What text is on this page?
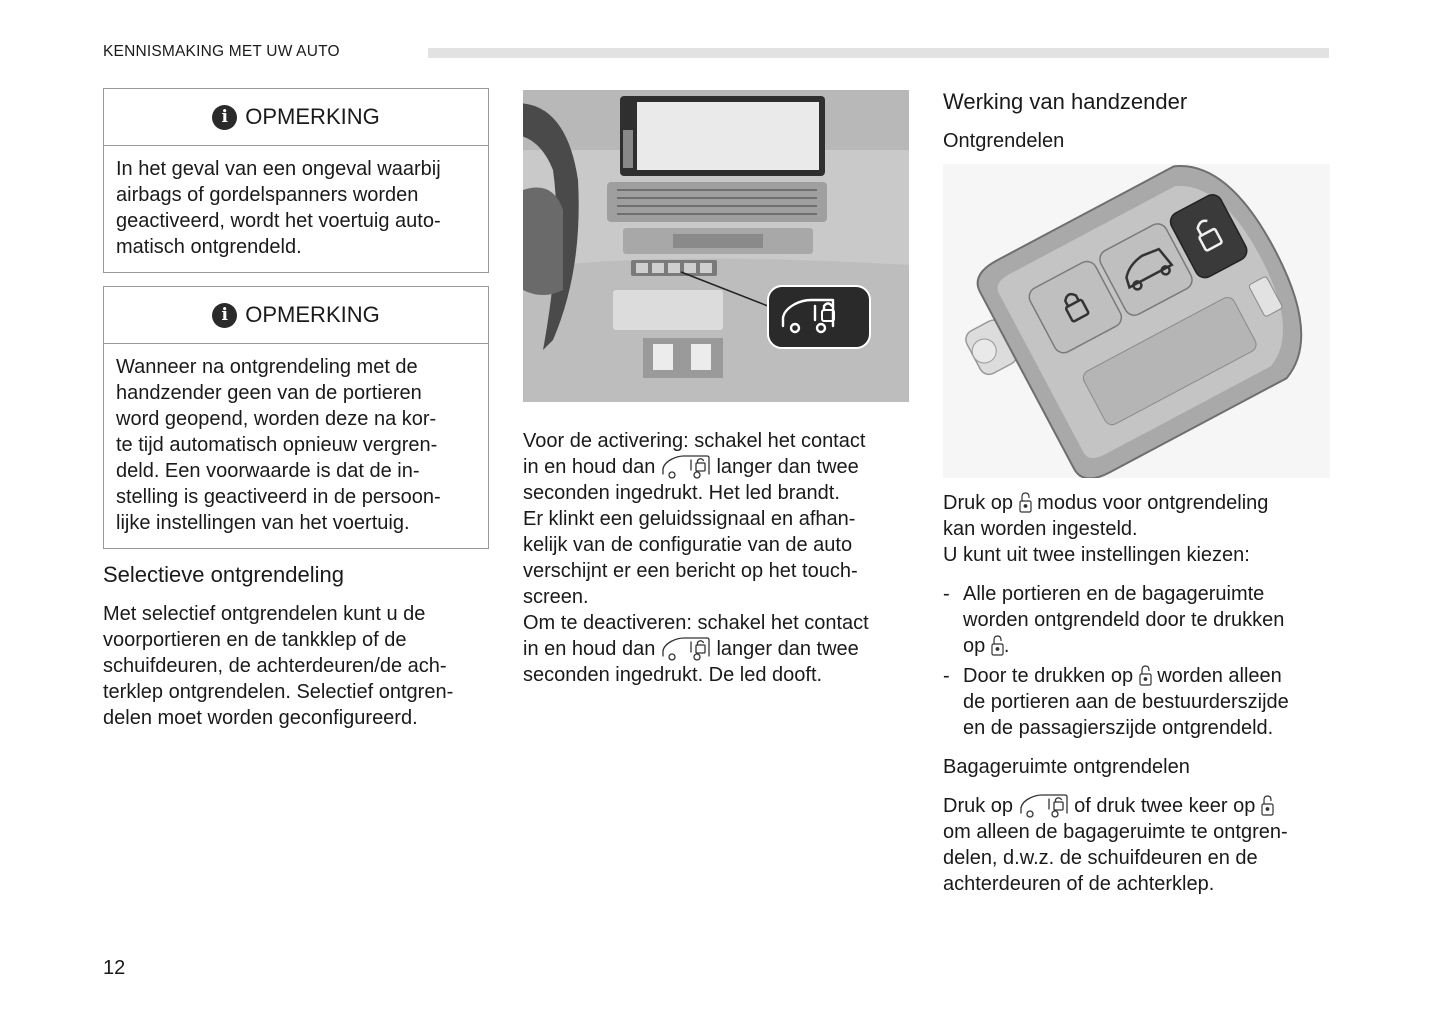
KENNISMAKING MET UW AUTO
i OPMERKING
In het geval van een ongeval waarbij
airbags of gordelspanners worden
geactiveerd, wordt het voertuig auto-
matisch ontgrendeld.
i OPMERKING
Wanneer na ontgrendeling met de
handzender geen van de portieren
word geopend, worden deze na kor-
te tijd automatisch opnieuw vergren-
deld. Een voorwaarde is dat de in-
stelling is geactiveerd in de persoon-
lijke instellingen van het voertuig.
Selectieve ontgrendeling
Met selectief ontgrendelen kunt u de
voorportieren en de tankklep of de
schuifdeuren, de achterdeuren/de ach-
terklep ontgrendelen. Selectief ontgren-
delen moet worden geconfigureerd.
Voor de activering: schakel het contact
in en houd dan	langer dan twee
seconden ingedrukt. Het led brandt.
Er klinkt een geluidssignaal en afhan-
kelijk van de configuratie van de auto
verschijnt er een bericht op het touch-
screen.
Om te deactiveren: schakel het contact
in en houd dan	langer dan twee
seconden ingedrukt. De led dooft.
Werking van handzender
Ontgrendelen
Druk op modus voor ontgrendeling
kan worden ingesteld.
U kunt uit twee instellingen kiezen:
- Alle portieren en de bagageruimte
worden ontgrendeld door te drukken
op .
- Door te drukken op worden alleen
de portieren aan de bestuurderszijde
en de passagierszijde ontgrendeld.
Bagageruimte ontgrendelen
Druk op	of druk twee keer op
om alleen de bagageruimte te ontgren-
delen, d.w.z. de schuifdeuren en de
achterdeuren of de achterklep.
12
